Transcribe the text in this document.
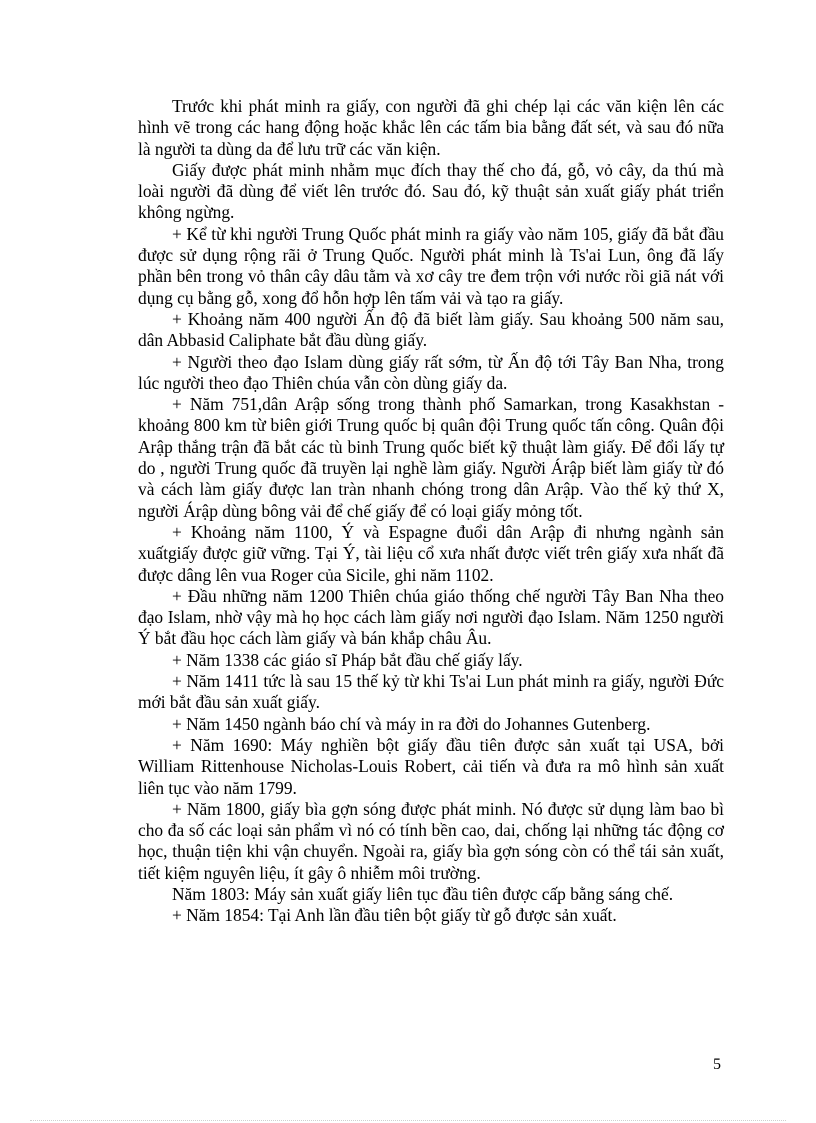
Trước khi phát minh ra giấy, con người đã ghi chép lại các văn kiện lên các hình vẽ trong các hang động hoặc khắc lên các tấm bia bằng đất sét, và sau đó nữa là người ta dùng da để lưu trữ các văn kiện.

Giấy được phát minh nhằm mục đích thay thế cho đá, gỗ, vỏ cây, da thú mà loài người đã dùng để viết lên trước đó. Sau đó, kỹ thuật sản xuất giấy phát triển không ngừng.

+ Kể từ khi người Trung Quốc phát minh ra giấy vào năm 105, giấy đã bắt đầu được sử dụng rộng rãi ở Trung Quốc. Người phát minh là Ts'ai Lun, ông đã lấy phần bên trong vỏ thân cây dâu tằm và xơ cây tre đem trộn với nước rồi giã nát với dụng cụ bằng gỗ, xong đổ hỗn hợp lên tấm vải và tạo ra giấy.

+ Khoảng năm 400 người Ấn độ đã biết làm giấy. Sau khoảng 500 năm sau, dân Abbasid Caliphate bắt đầu dùng giấy.

+ Người theo đạo Islam dùng giấy rất sớm, từ Ấn độ tới Tây Ban Nha, trong lúc người theo đạo Thiên chúa vẫn còn dùng giấy da.

+ Năm 751,dân Arập sống trong thành phố Samarkan, trong Kasakhstan -khoảng 800 km từ biên giới Trung quốc bị quân đội Trung quốc tấn công. Quân đội Arập thắng trận đã bắt các tù binh Trung quốc biết kỹ thuật làm giấy. Để đổi lấy tự do , người Trung quốc đã truyền lại nghề làm giấy. Người Árập biết làm giấy từ đó và cách làm giấy được lan tràn nhanh chóng trong dân Arập. Vào thế kỷ thứ X, người Árập dùng bông vải để chế giấy để có loại giấy mỏng tốt.

+ Khoảng năm 1100, Ý và Espagne đuổi dân Arập đi nhưng ngành sản xuấtgiấy được giữ vững. Tại Ý, tài liệu cổ xưa nhất được viết trên giấy xưa nhất đã được dâng lên vua Roger của Sicile, ghi năm 1102.

+ Đầu những năm 1200 Thiên chúa giáo thống chế người Tây Ban Nha theo đạo Islam, nhờ vậy mà họ học cách làm giấy nơi người đạo Islam. Năm 1250 người Ý bắt đầu học cách làm giấy và bán khắp châu Âu.

+ Năm 1338 các giáo sĩ Pháp bắt đầu chế giấy lấy.

+ Năm 1411 tức là sau 15 thế kỷ từ khi Ts'ai Lun phát minh ra giấy, người Đức mới bắt đầu sản xuất giấy.

+ Năm 1450 ngành báo chí và máy in ra đời do Johannes Gutenberg.

+ Năm 1690: Máy nghiền bột giấy đầu tiên được sản xuất tại USA, bởi William Rittenhouse Nicholas-Louis Robert, cải tiến và đưa ra mô hình sản xuất liên tục vào năm 1799.

+ Năm 1800, giấy bìa gợn sóng được phát minh. Nó được sử dụng làm bao bì cho đa số các loại sản phẩm vì nó có tính bền cao, dai, chống lại những tác động cơ học, thuận tiện khi vận chuyển. Ngoài ra, giấy bìa gợn sóng còn có thể tái sản xuất, tiết kiệm nguyên liệu, ít gây ô nhiễm môi trường.

Năm 1803: Máy sản xuất giấy liên tục đầu tiên được cấp bằng sáng chế.

+ Năm 1854: Tại Anh lần đầu tiên bột giấy từ gỗ được sản xuất.

5
